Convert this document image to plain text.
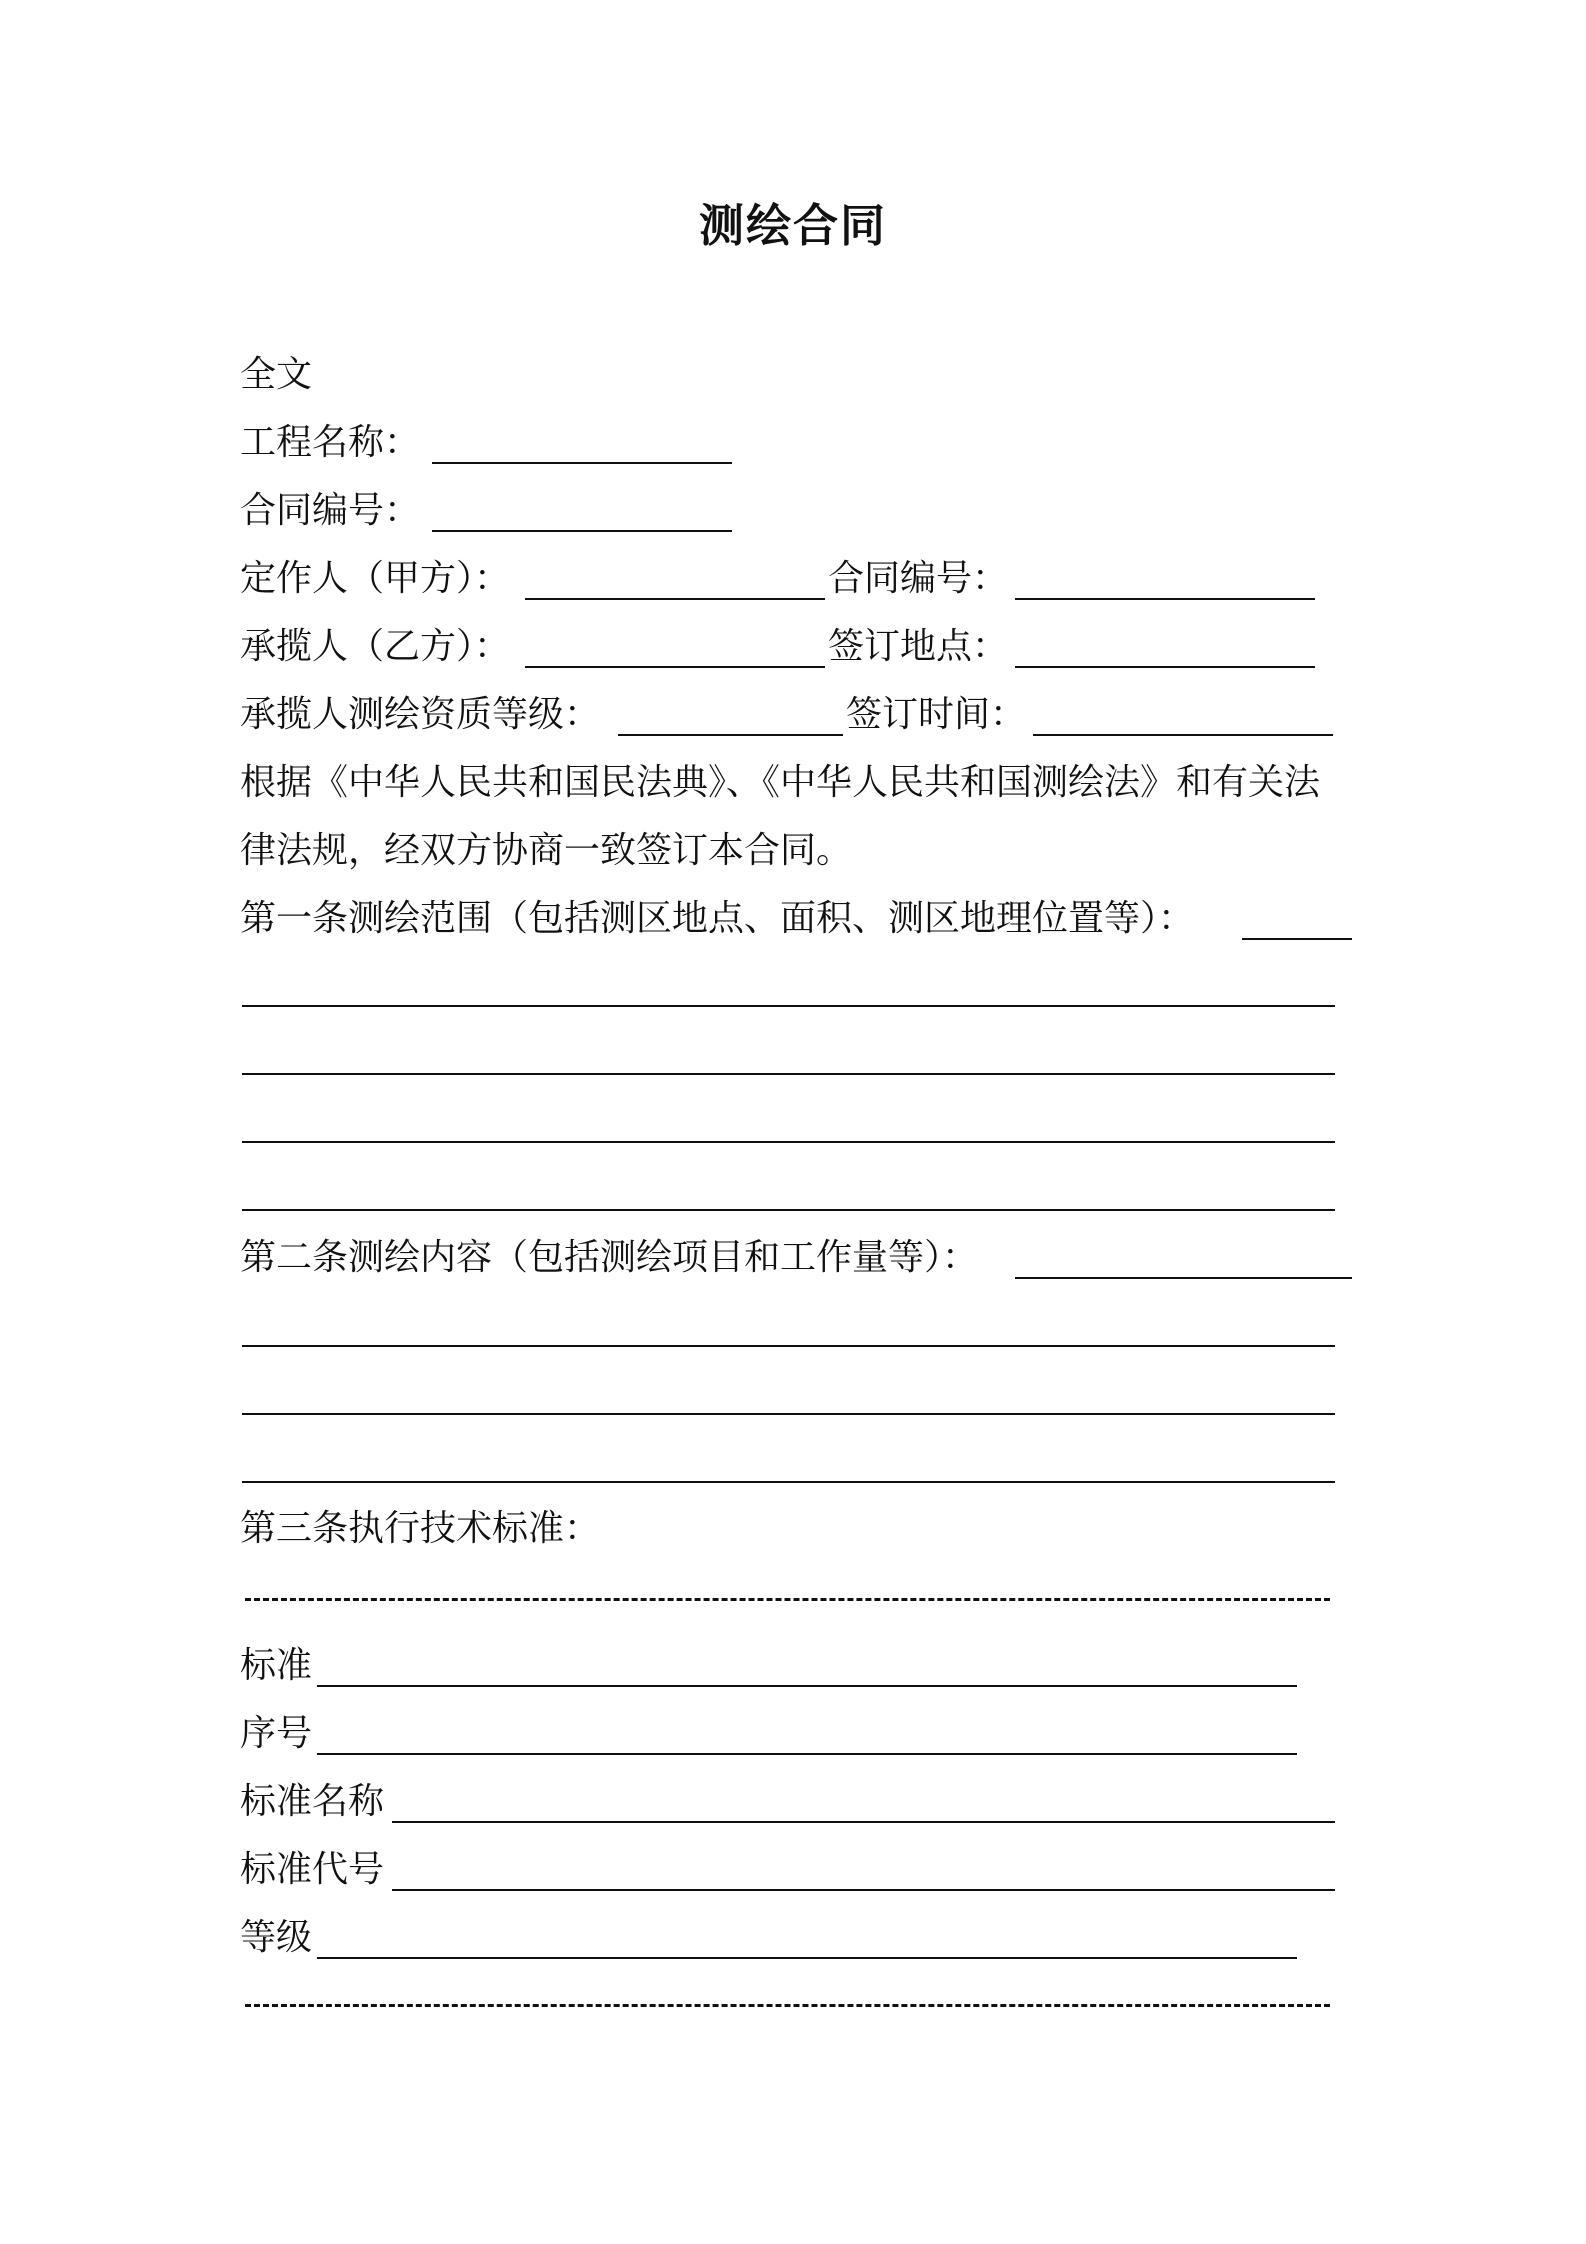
测绘合同
全文
工程名称：
合同编号：
定作人（甲方）：	合同编号：
承揽人（乙方）：	签订地点：
承揽人测绘资质等级：	签订时间：
根据《中华人民共和国民法典》、《中华人民共和国测绘法》和有关法
律法规，经双方协商一致签订本合同。
第一条测绘范围（包括测区地点、面积、测区地理位置等）：
第二条测绘内容（包括测绘项目和工作量等）：
第三条执行技术标准：
标准
序号
标准名称
标准代号
等级
